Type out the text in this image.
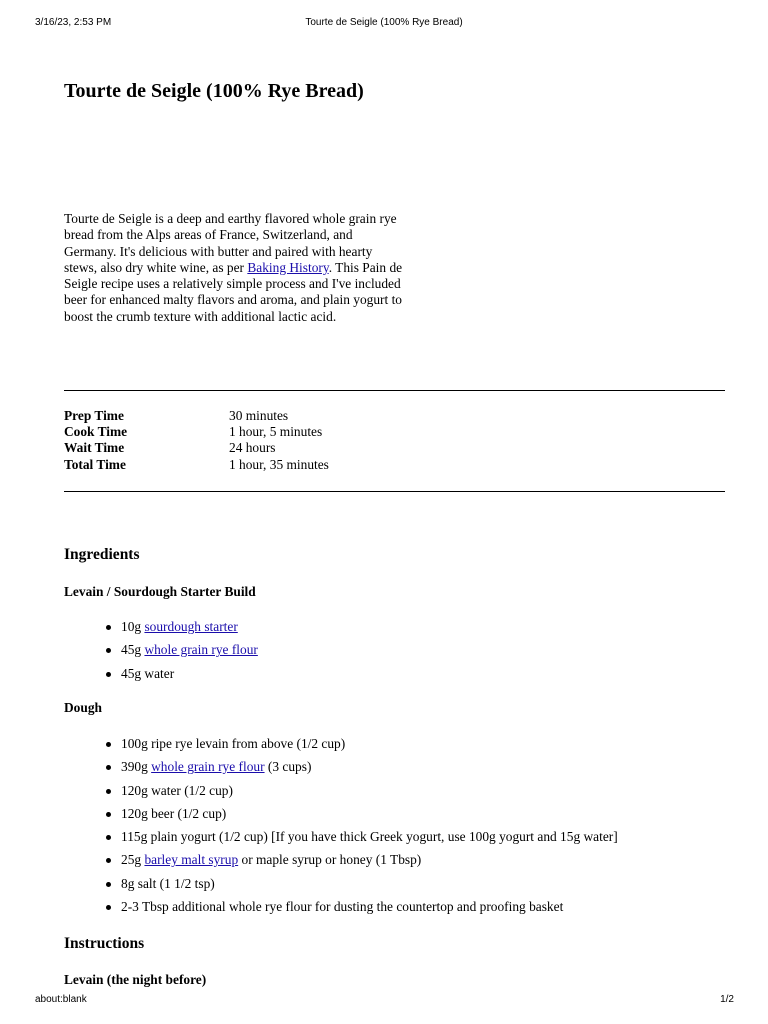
3/16/23, 2:53 PM	Tourte de Seigle (100% Rye Bread)
Tourte de Seigle (100% Rye Bread)

Tourte de Seigle is a deep and earthy flavored whole grain rye bread from the Alps areas of France, Switzerland, and Germany. It's delicious with butter and paired with hearty stews, also dry white wine, as per Baking History. This Pain de Seigle recipe uses a relatively simple process and I've included beer for enhanced malty flavors and aroma, and plain yogurt to boost the crumb texture with additional lactic acid.

Prep Time	30 minutes
Cook Time	1 hour, 5 minutes
Wait Time	24 hours
Total Time	1 hour, 35 minutes
Ingredients
Levain / Sourdough Starter Build
10g sourdough starter
45g whole grain rye flour
45g water
Dough
100g ripe rye levain from above (1/2 cup)
390g whole grain rye flour (3 cups)
120g water (1/2 cup)
120g beer (1/2 cup)
115g plain yogurt (1/2 cup) [If you have thick Greek yogurt, use 100g yogurt and 15g water]
25g barley malt syrup or maple syrup or honey (1 Tbsp)
8g salt (1 1/2 tsp)
2-3 Tbsp additional whole rye flour for dusting the countertop and proofing basket
Instructions
Levain (the night before)
about:blank	1/2
